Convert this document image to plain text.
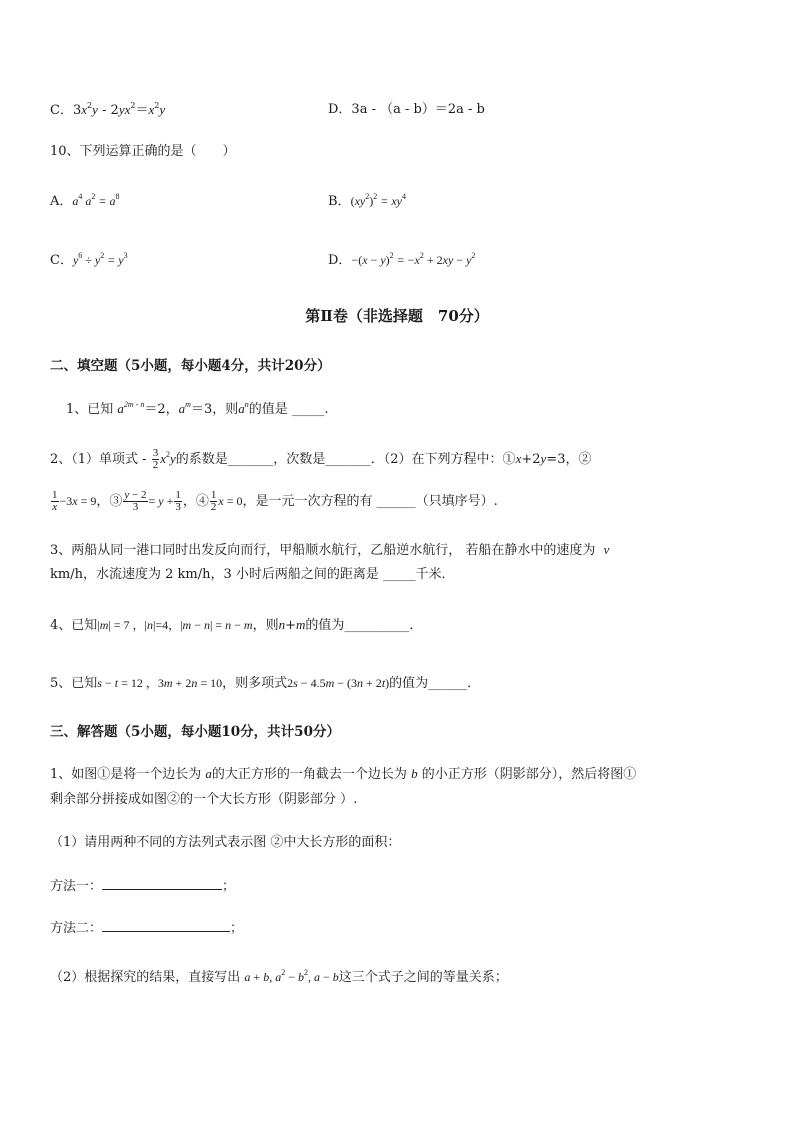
C．$3x^2y - 2yx^2=x^2y$	D．3a - （a - b）＝2a - b
10、下列运算正确的是（　　）
A．$a^4$ $a^2 = a^8$	B．$(xy^2)^2 = xy^4$
C．$y^6 \div y^2 = y^3$	D．$-(x - y)^2 = -x^2 + 2xy - y^2$
第Ⅱ卷（非选择题　70分）
二、填空题（5小题，每小题4分，共计20分）
1、已知 $a^{2m - n}=2$，$a^m=3$，则$a^n$的值是 _____.
2、（1）单项式 - $\frac{3}{2} x^2y$的系数是_______，次数是_______．（2）在下列方程中：①x+2y=3，②
$\frac{1}{x} -3x = 9$，③ $\frac{y - 2}{3} = y + \frac{1}{3}$ ，④ $\frac{1}{2}$ x = 0，是一元一次方程的有 ______（只填序号）.
3、两船从同一港口同时出发反向而行，甲船顺水航行，乙船逆水航行， 若船在静水中的速度为 v
km/h，水流速度为 2 km/h，3 小时后两船之间的距离是 _____千米．
4、已知|m| = 7 ，|n|=4，|m − n| = n − m，则n+m的值为__________．
5、已知s − t = 12 ，3m + 2n = 10，则多项式2s − 4.5m − (3n + 2t)的值为______．
三、解答题（5小题，每小题10分，共计50分）
1、如图①是将一个边长为 a的大正方形的一角截去一个边长为 b 的小正方形（阴影部分），然后将图①
剩余部分拼接成如图②的一个大长方形（阴影部分 ）.
（1）请用两种不同的方法列式表示图 ②中大长方形的面积：
方法一：	；
方法二：	；
（2）根据探究的结果，直接写出 a + b, $a^2 - b^2$, a − b这三个式子之间的等量关系；
